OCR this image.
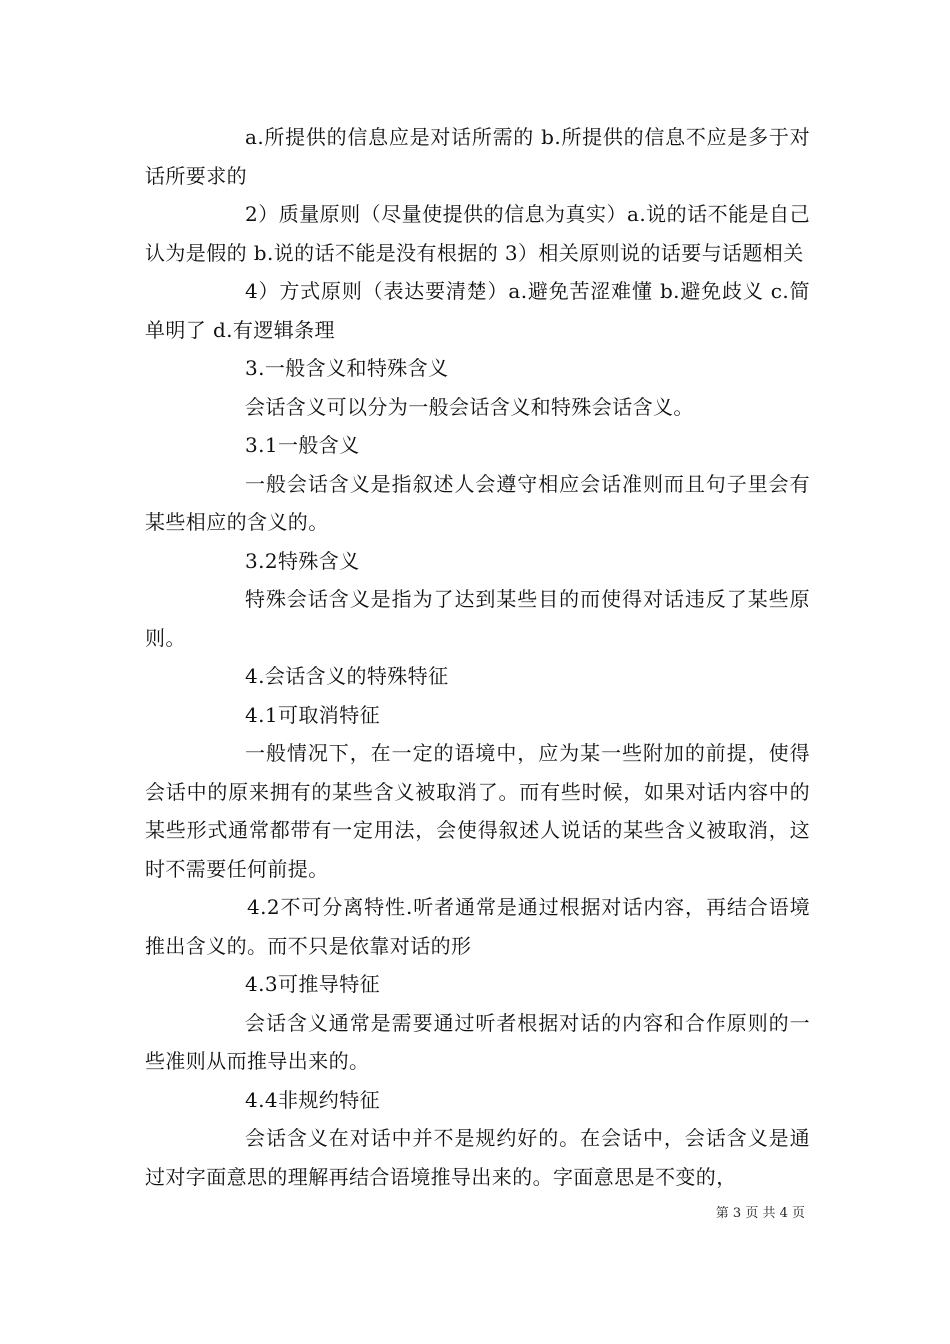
a.所提供的信息应是对话所需的 b.所提供的信息不应是多于对话所要求的

2）质量原则（尽量使提供的信息为真实）a.说的话不能是自己认为是假的 b.说的话不能是没有根据的 3）相关原则说的话要与话题相关

4）方式原则（表达要清楚）a.避免苦涩难懂 b.避免歧义 c.简单明了 d.有逻辑条理

3.一般含义和特殊含义

会话含义可以分为一般会话含义和特殊会话含义。

3.1一般含义

一般会话含义是指叙述人会遵守相应会话准则而且句子里会有某些相应的含义的。

3.2特殊含义

特殊会话含义是指为了达到某些目的而使得对话违反了某些原则。

4.会话含义的特殊特征

4.1可取消特征

一般情况下，在一定的语境中，应为某一些附加的前提，使得会话中的原来拥有的某些含义被取消了。而有些时候，如果对话内容中的某些形式通常都带有一定用法，会使得叙述人说话的某些含义被取消，这时不需要任何前提。

4.2不可分离特性.听者通常是通过根据对话内容，再结合语境推出含义的。而不只是依靠对话的形

4.3可推导特征

会话含义通常是需要通过听者根据对话的内容和合作原则的一些准则从而推导出来的。

4.4非规约特征

会话含义在对话中并不是规约好的。在会话中，会话含义是通过对字面意思的理解再结合语境推导出来的。字面意思是不变的，

第 3 页 共 4 页
